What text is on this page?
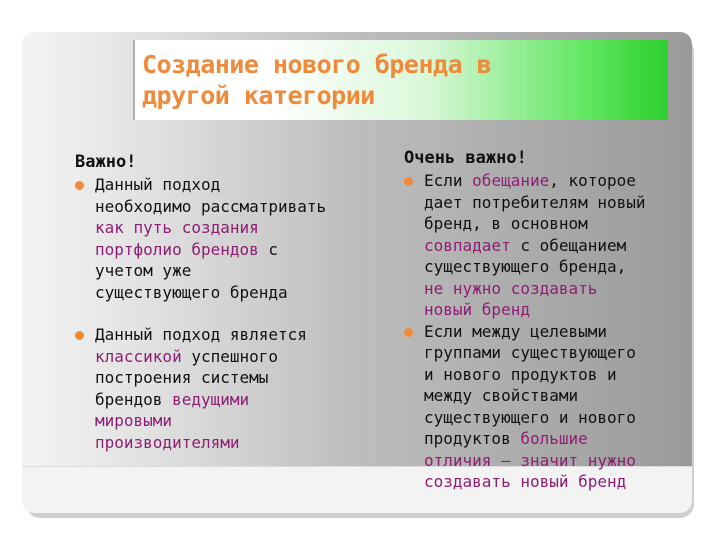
Создание нового бренда в
другой категории
Важно!
Данный подход
необходимо рассматривать
как путь создания
портфолио брендов с
учетом уже
существующего бренда
Данный подход является
классикой успешного
построения системы
брендов ведущими
мировыми
производителями
Очень важно!
Если обещание, которое
дает потребителям новый
бренд, в основном
совпадает с обещанием
существующего бренда,
не нужно создавать
новый бренд
Если между целевыми
группами существующего
и нового продуктов и
между свойствами
существующего и нового
продуктов большие
отличия – значит нужно
создавать новый бренд
